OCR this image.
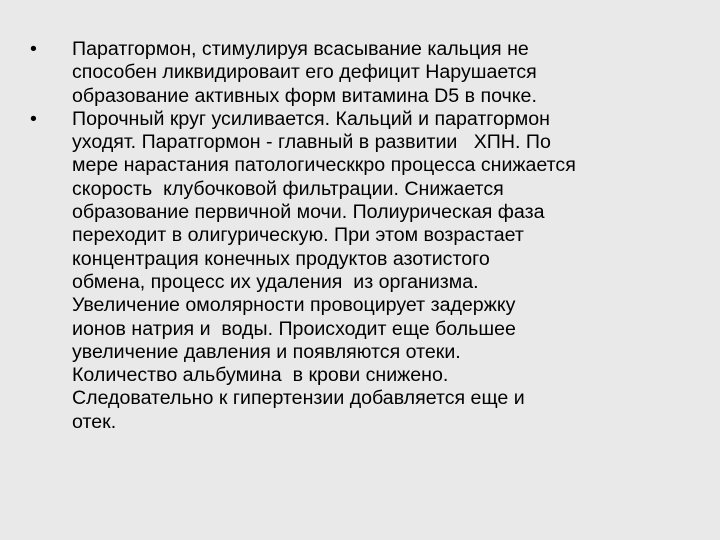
•	Паратгормон, стимулируя всасывание кальция не
способен ликвидироваит его дефицит Нарушается
образование активных форм витамина D5 в почке.
•	Порочный круг усиливается. Кальций и паратгормон
уходят. Паратгормон - главный в развитии   ХПН. По
мере нарастания патологическкро процесса снижается
скорость  клубочковой фильтрации. Снижается
образование первичной мочи. Полиурическая фаза
переходит в олигурическую. При этом возрастает
концентрация конечных продуктов азотистого
обмена, процесс их удаления  из организма.
Увеличение омолярности провоцирует задержку
ионов натрия и  воды. Происходит еще большее
увеличение давления и появляются отеки.
Количество альбумина  в крови снижено.
Следовательно к гипертензии добавляется еще и
отек.
